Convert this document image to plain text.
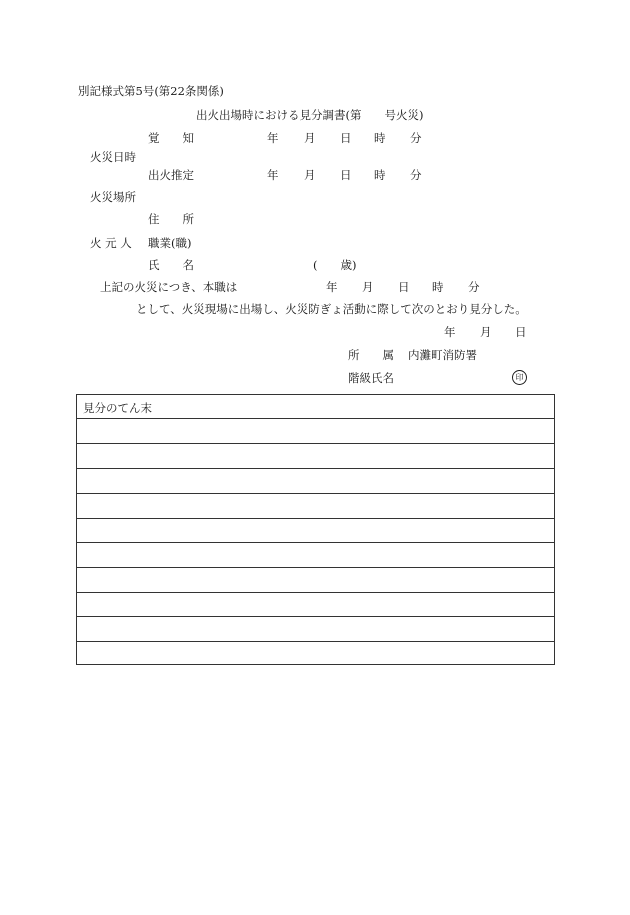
別記様式第5号(第22条関係)
出火出場時における見分調書(第　　号火災)
覚　　知	年 月 日 時 分
火災日時
出火推定	年 月 日 時 分
火災場所
住　　所
火 元 人 職業(職)
氏　　名	(　　歳)
上記の火災につき、本職は	年 月 日 時 分
として、火災現場に出場し、火災防ぎょ活動に際して次のとおり見分した。
年 月 日
所　　属 内灘町消防署
階級氏名	印
見分のてん末
